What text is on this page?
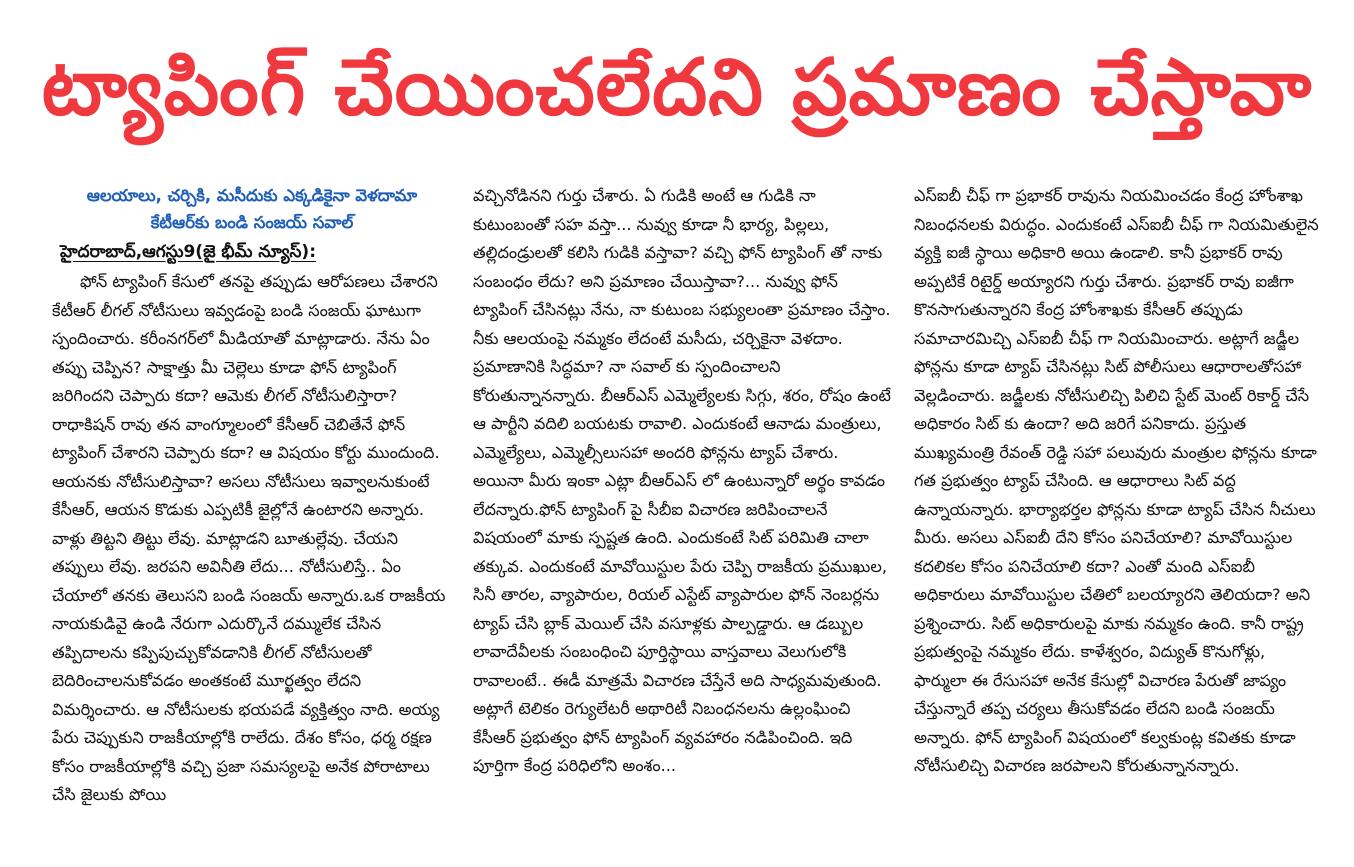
ట్యాపింగ్ చేయించలేదని ప్రమాణం చేస్తావా

ఆలయాలు, చర్చికి, మసీదుకు ఎక్కడికైనా వెళదామా

కేటీఆర్‌కు బండి సంజయ్ సవాల్

హైదరాబాద్,ఆగస్టు9(జై భీమ్ న్యూస్):

ఫోన్ ట్యాపింగ్ కేసులో తనపై తప్పుడు ఆరోపణలు చేశారని కేటీఆర్ లీగల్ నోటీసులు ఇవ్వడంపై బండి సంజయ్ ఘాటుగా స్పందించారు. కరీంనగర్‌లో మీడియాతో మాట్లాడారు. నేను ఏం తప్పు చెప్పిన? సాక్షాత్తు మీ చెల్లెలు కూడా ఫోన్ ట్యాపింగ్ జరిగిందని చెప్పారు కదా? ఆమెకు లీగల్ నోటీసులిస్తారా? రాధాకిషన్ రావు తన వాంగ్మూలంలో కేసీఆర్ చెబితేనే ఫోన్ ట్యాపింగ్ చేశారని చెప్పారు కదా? ఆ విషయం కోర్టు ముందుంది. ఆయనకు నోటీసులిస్తావా? అసలు నోటీసులు ఇవ్వాలనుకుంటే కేసీఆర్, ఆయన కొడుకు ఎప్పటికీ జైల్లోనే ఉంటారని అన్నారు. వాళ్లు తిట్టని తిట్టు లేవు. మాట్లాడని బూతుల్లేవు. చేయని తప్పులు లేవు. జరపని అవినీతి లేదు... నోటీసులిస్తే.. ఏం చేయాలో తనకు తెలుసని బండి సంజయ్ అన్నారు.ఒక రాజకీయ నాయకుడివై ఉండి నేరుగా ఎదుర్కొనే దమ్ములేక చేసిన తప్పిదాలను కప్పిపుచ్చుకోవడానికి లీగల్ నోటీసులతో బెదిరించాలనుకోవడం అంతకంటే మూర్ఖత్వం లేదని విమర్శించారు. ఆ నోటీసులకు భయపడే వ్యక్తిత్వం నాది. అయ్య పేరు చెప్పుకుని రాజకీయాల్లోకి రాలేదు. దేశం కోసం, ధర్మ రక్షణ కోసం రాజకీయాల్లోకి వచ్చి ప్రజా సమస్యలపై అనేక పోరాటాలు చేసి జైలుకు పోయి

వచ్చినోడినని గుర్తు చేశారు. ఏ గుడికి అంటే ఆ గుడికి నా కుటుంబంతో సహ వస్తా... నువ్వు కూడా నీ భార్య, పిల్లలు, తల్లిదండ్రులతో కలిసి గుడికి వస్తావా? వచ్చి ఫోన్ ట్యాపింగ్ తో నాకు సంబంధం లేదు? అని ప్రమాణం చేయిస్తావా?... నువ్వు ఫోన్ ట్యాపింగ్ చేసినట్లు నేను, నా కుటుంబ సభ్యులంతా ప్రమాణం చేస్తాం. నీకు ఆలయంపై నమ్మకం లేదంటే మసీదు, చర్చికైనా వెళదాం. ప్రమాణానికి సిద్ధమా? నా సవాల్ కు స్పందించాలని కోరుతున్నానన్నారు. బీఆర్ఎస్ ఎమ్మెల్యేలకు సిగ్గు, శరం, రోషం ఉంటే ఆ పార్టీని వదిలి బయటకు రావాలి. ఎందుకంటే ఆనాడు మంత్రులు, ఎమ్మెల్యేలు, ఎమ్మెల్సీలుసహా అందరి ఫోన్లను ట్యాప్ చేశారు. అయినా మీరు ఇంకా ఎట్లా బీఆర్ఎస్ లో ఉంటున్నారో అర్థం కావడం లేదన్నారు.ఫోన్ ట్యాపింగ్ పై సీబీఐ విచారణ జరిపించాలనే విషయంలో మాకు స్పష్టత ఉంది. ఎందుకంటే సిట్ పరిమితి చాలా తక్కువ. ఎందుకంటే మావోయిస్టుల పేరు చెప్పి రాజకీయ ప్రముఖుల, సినీ తారల, వ్యాపారుల, రియల్ ఎస్టేట్ వ్యాపారుల ఫోన్ నెంబర్లను ట్యాప్ చేసి బ్లాక్ మెయిల్ చేసి వసూళ్లకు పాల్పడ్డారు. ఆ డబ్బుల లావాదేవీలకు సంబంధించి పూర్తిస్థాయి వాస్తవాలు వెలుగులోకి రావాలంటే.. ఈడీ మాత్రమే విచారణ చేస్తేనే అది సాధ్యమవుతుంది. అట్లాగే టెలికం రెగ్యులేటరీ అథారిటీ నిబంధనలను ఉల్లంఘించి కేసీఆర్ ప్రభుత్వం ఫోన్ ట్యాపింగ్ వ్యవహారం నడిపించింది. ఇది పూర్తిగా కేంద్ర పరిధిలోని అంశం...

ఎస్ఐబీ చీఫ్ గా ప్రభాకర్ రావును నియమించడం కేంద్ర హోంశాఖ నిబంధనలకు విరుద్ధం. ఎందుకంటే ఎస్ఐబీ చీఫ్ గా నియమితులైన వ్యక్తి ఐజీ స్థాయి అధికారి అయి ఉండాలి. కానీ ప్రభాకర్ రావు అప్పటికే రిటైర్డ్ అయ్యారని గుర్తు చేశారు. ప్రభాకర్ రావు ఐజీగా కొనసాగుతున్నారని కేంద్ర హోంశాఖకు కేసీఆర్ తప్పుడు సమాచారమిచ్చి ఎస్ఐబీ చీఫ్ గా నియమించారు. అట్లాగే జడ్జీల ఫోన్లను కూడా ట్యాప్ చేసినట్లు సిట్ పోలీసులు ఆధారాలతోసహా వెల్లడించారు. జడ్జీలకు నోటీసులిచ్చి పిలిచి స్టేట్ మెంట్ రికార్డ్ చేసే అధికారం సిట్ కు ఉందా? అది జరిగే పనికాదు. ప్రస్తుత ముఖ్యమంత్రి రేవంత్ రెడ్డి సహా పలువురు మంత్రుల ఫోన్లను కూడా గత ప్రభుత్వం ట్యాప్ చేసింది. ఆ ఆధారాలు సిట్ వద్ద ఉన్నాయన్నారు. భార్యాభర్తల ఫోన్లను కూడా ట్యాప్ చేసిన నీచులు మీరు. అసలు ఎస్ఐబీ దేని కోసం పనిచేయాలి? మావోయిస్టుల కదలికల కోసం పనిచేయాలి కదా? ఎంతో మంది ఎస్ఐబీ అధికారులు మావోయిస్టుల చేతిలో బలయ్యారని తెలియదా? అని ప్రశ్నించారు. సిట్ అధికారులపై మాకు నమ్మకం ఉంది. కానీ రాష్ట్ర ప్రభుత్వంపై నమ్మకం లేదు. కాళేశ్వరం, విద్యుత్ కొనుగోళ్లు, ఫార్ములా ఈ రేసుసహా అనేక కేసుల్లో విచారణ పేరుతో జాప్యం చేస్తున్నారే తప్ప చర్యలు తీసుకోవడం లేదని బండి సంజయ్ అన్నారు. ఫోన్ ట్యాపింగ్ విషయంలో కల్వకుంట్ల కవితకు కూడా నోటీసులిచ్చి విచారణ జరపాలని కోరుతున్నానన్నారు.
